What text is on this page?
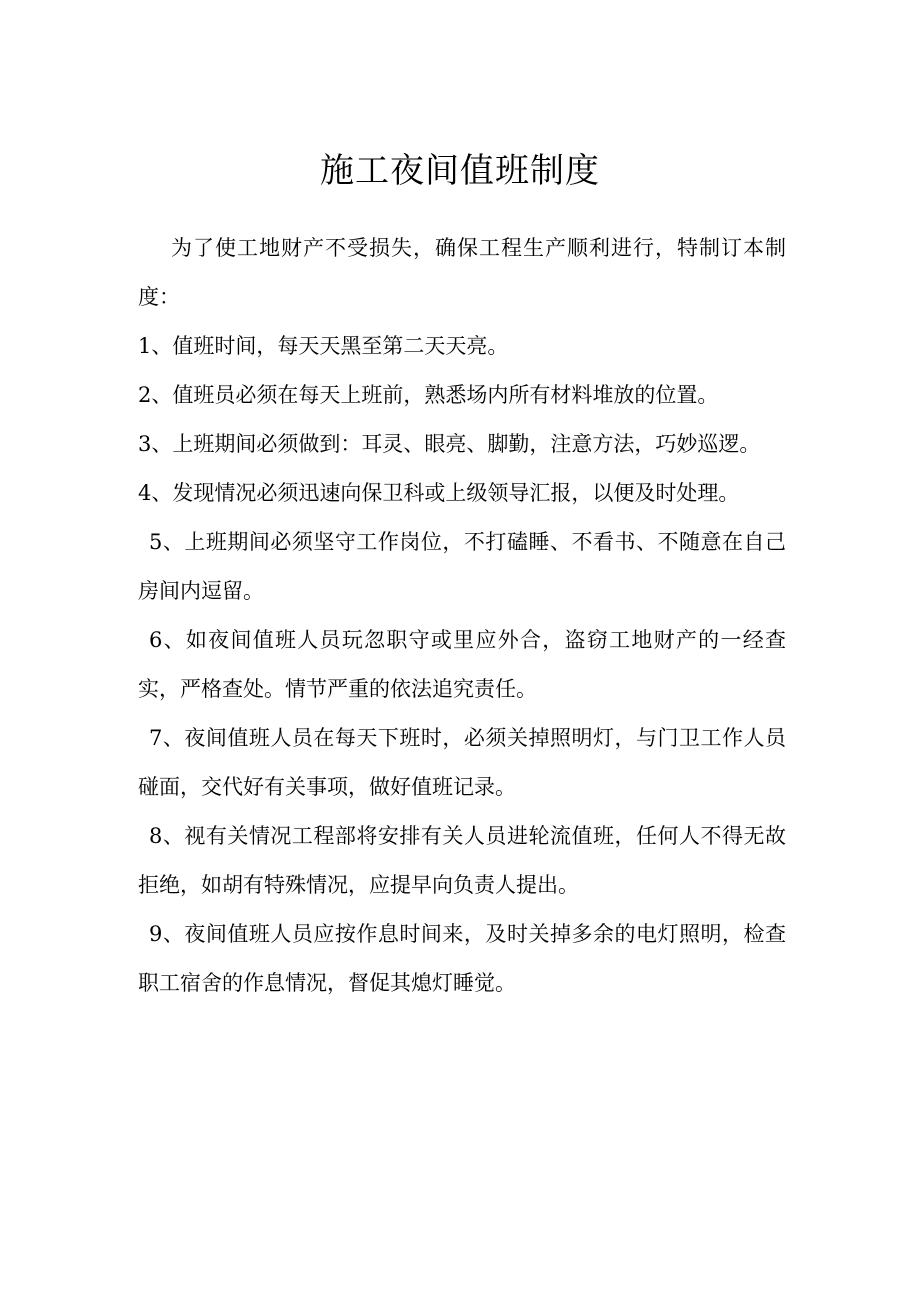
施工夜间值班制度

为了使工地财产不受损失，确保工程生产顺利进行，特制订本制度：

1、值班时间，每天天黑至第二天天亮。

2、值班员必须在每天上班前，熟悉场内所有材料堆放的位置。

3、上班期间必须做到：耳灵、眼亮、脚勤，注意方法，巧妙巡逻。

4、发现情况必须迅速向保卫科或上级领导汇报，以便及时处理。

5、上班期间必须坚守工作岗位，不打磕睡、不看书、不随意在自己房间内逗留。

6、如夜间值班人员玩忽职守或里应外合，盗窃工地财产的一经查实，严格查处。情节严重的依法追究责任。

7、夜间值班人员在每天下班时，必须关掉照明灯，与门卫工作人员碰面，交代好有关事项，做好值班记录。

8、视有关情况工程部将安排有关人员进轮流值班，任何人不得无故拒绝，如胡有特殊情况，应提早向负责人提出。

9、夜间值班人员应按作息时间来，及时关掉多余的电灯照明，检查职工宿舍的作息情况，督促其熄灯睡觉。
